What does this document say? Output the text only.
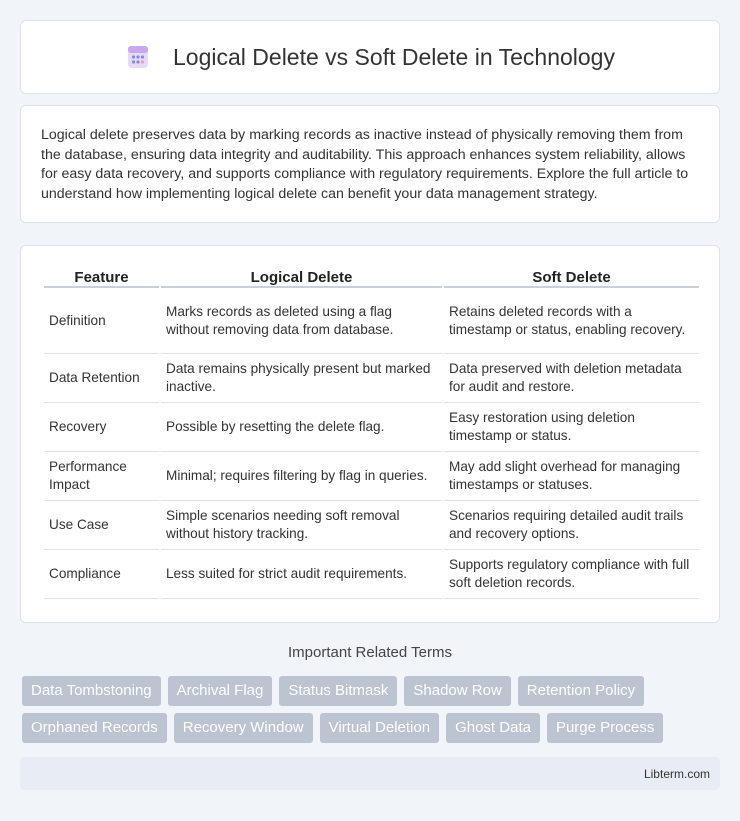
Logical Delete vs Soft Delete in Technology

Logical delete preserves data by marking records as inactive instead of physically removing them from the database, ensuring data integrity and auditability. This approach enhances system reliability, allows for easy data recovery, and supports compliance with regulatory requirements. Explore the full article to understand how implementing logical delete can benefit your data management strategy.

Feature	Logical Delete	Soft Delete
Definition	Marks records as deleted using a flag without removing data from database.	Retains deleted records with a timestamp or status, enabling recovery.
Data Retention	Data remains physically present but marked inactive.	Data preserved with deletion metadata for audit and restore.
Recovery	Possible by resetting the delete flag.	Easy restoration using deletion timestamp or status.
Performance Impact	Minimal; requires filtering by flag in queries.	May add slight overhead for managing timestamps or statuses.
Use Case	Simple scenarios needing soft removal without history tracking.	Scenarios requiring detailed audit trails and recovery options.
Compliance	Less suited for strict audit requirements.	Supports regulatory compliance with full soft deletion records.
Important Related Terms
Data Tombstoning	Archival Flag	Status Bitmask	Shadow Row	Retention Policy
Orphaned Records	Recovery Window	Virtual Deletion	Ghost Data	Purge Process
Libterm.com
